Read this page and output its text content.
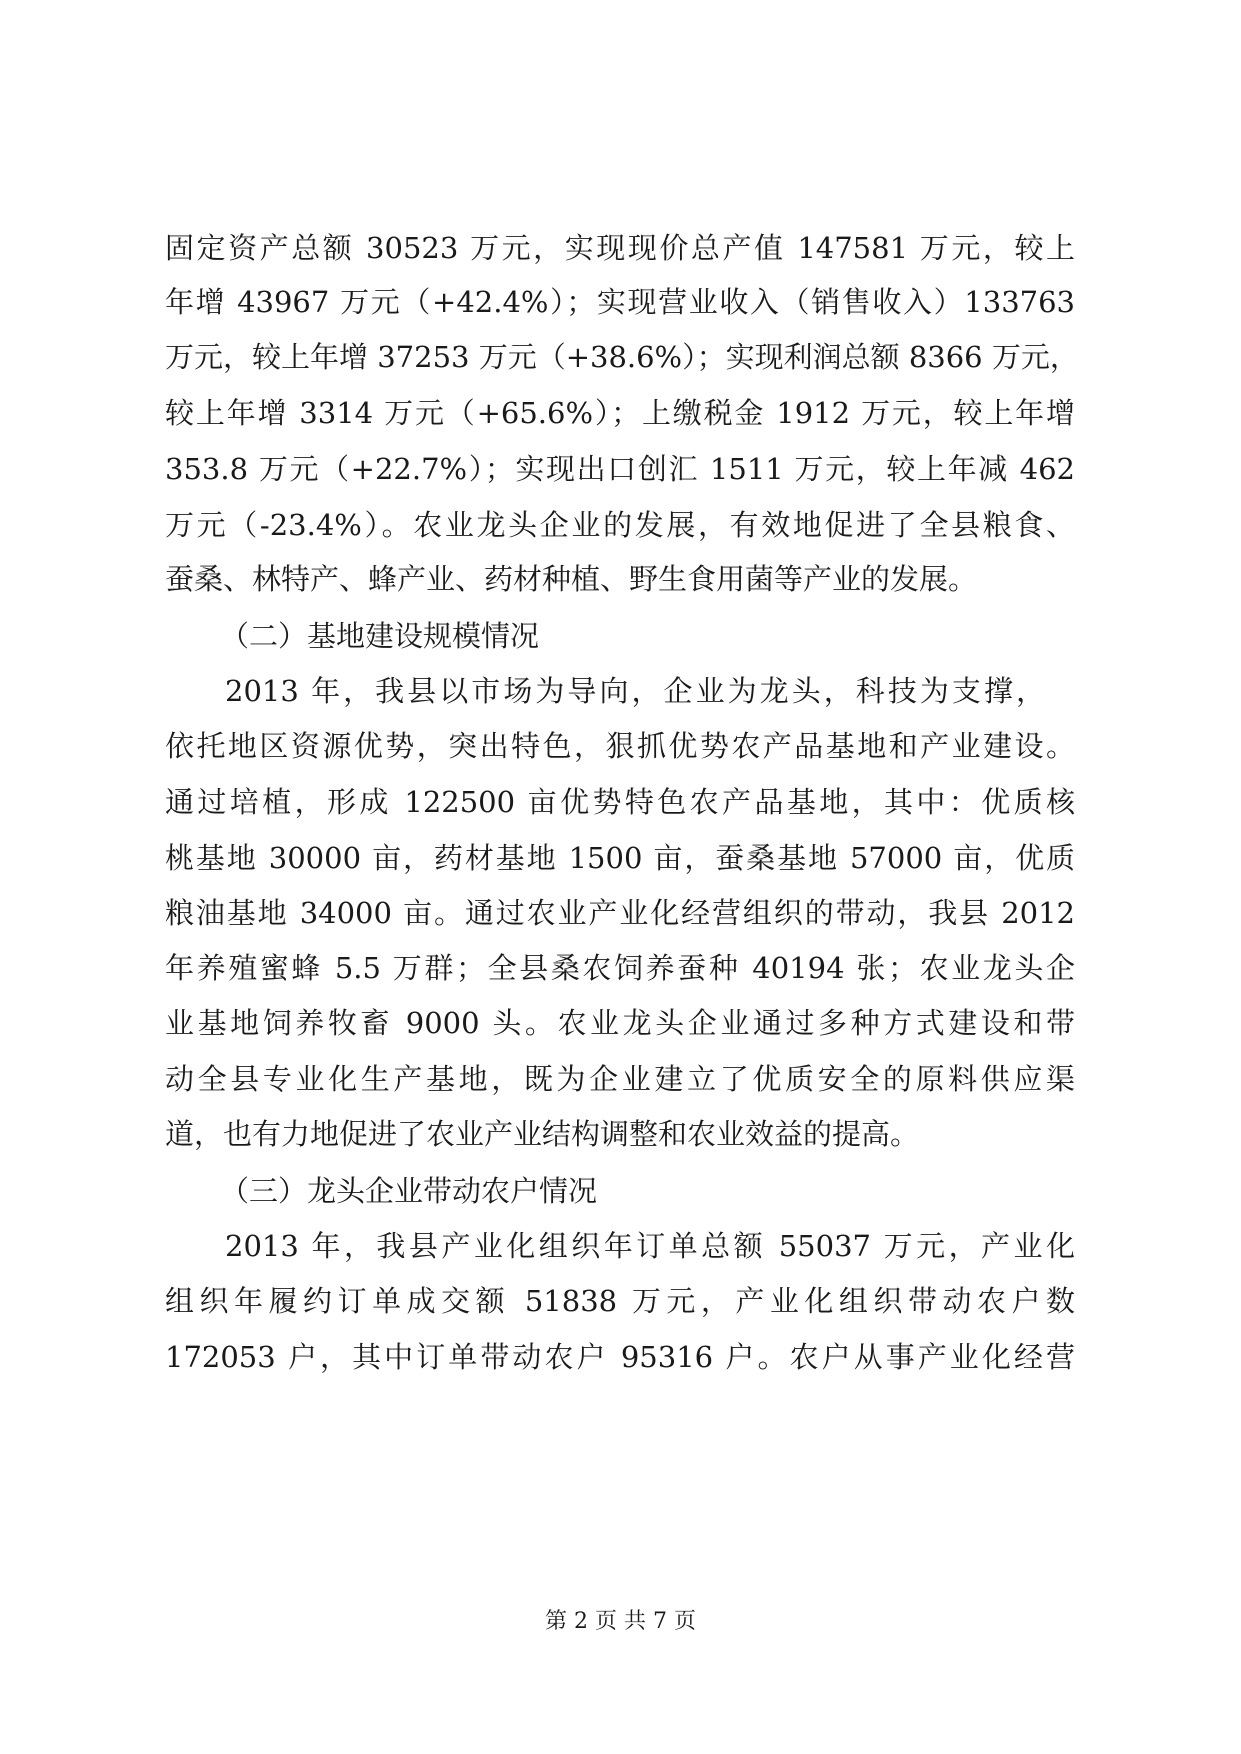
固定资产总额 30523 万元，实现现价总产值 147581 万元，较上
年增 43967 万元（+42.4%）；实现营业收入（销售收入）133763
万元，较上年增 37253 万元（+38.6%）；实现利润总额 8366 万元，
较上年增 3314 万元（+65.6%）；上缴税金 1912 万元，较上年增
353.8 万元（+22.7%）；实现出口创汇 1511 万元，较上年减 462
万元（-23.4%）。农业龙头企业的发展，有效地促进了全县粮食、
蚕桑、林特产、蜂产业、药材种植、野生食用菌等产业的发展。
（二）基地建设规模情况
2013 年，我县以市场为导向，企业为龙头，科技为支撑，
依托地区资源优势，突出特色，狠抓优势农产品基地和产业建设。
通过培植，形成 122500 亩优势特色农产品基地，其中：优质核
桃基地 30000 亩，药材基地 1500 亩，蚕桑基地 57000 亩，优质
粮油基地 34000 亩。通过农业产业化经营组织的带动，我县 2012
年养殖蜜蜂 5.5 万群；全县桑农饲养蚕种 40194 张；农业龙头企
业基地饲养牧畜 9000 头。农业龙头企业通过多种方式建设和带
动全县专业化生产基地，既为企业建立了优质安全的原料供应渠
道，也有力地促进了农业产业结构调整和农业效益的提高。
（三）龙头企业带动农户情况
2013 年，我县产业化组织年订单总额 55037 万元，产业化
组织年履约订单成交额 51838 万元，产业化组织带动农户数
172053 户，其中订单带动农户 95316 户。农户从事产业化经营
第 2 页 共 7 页
